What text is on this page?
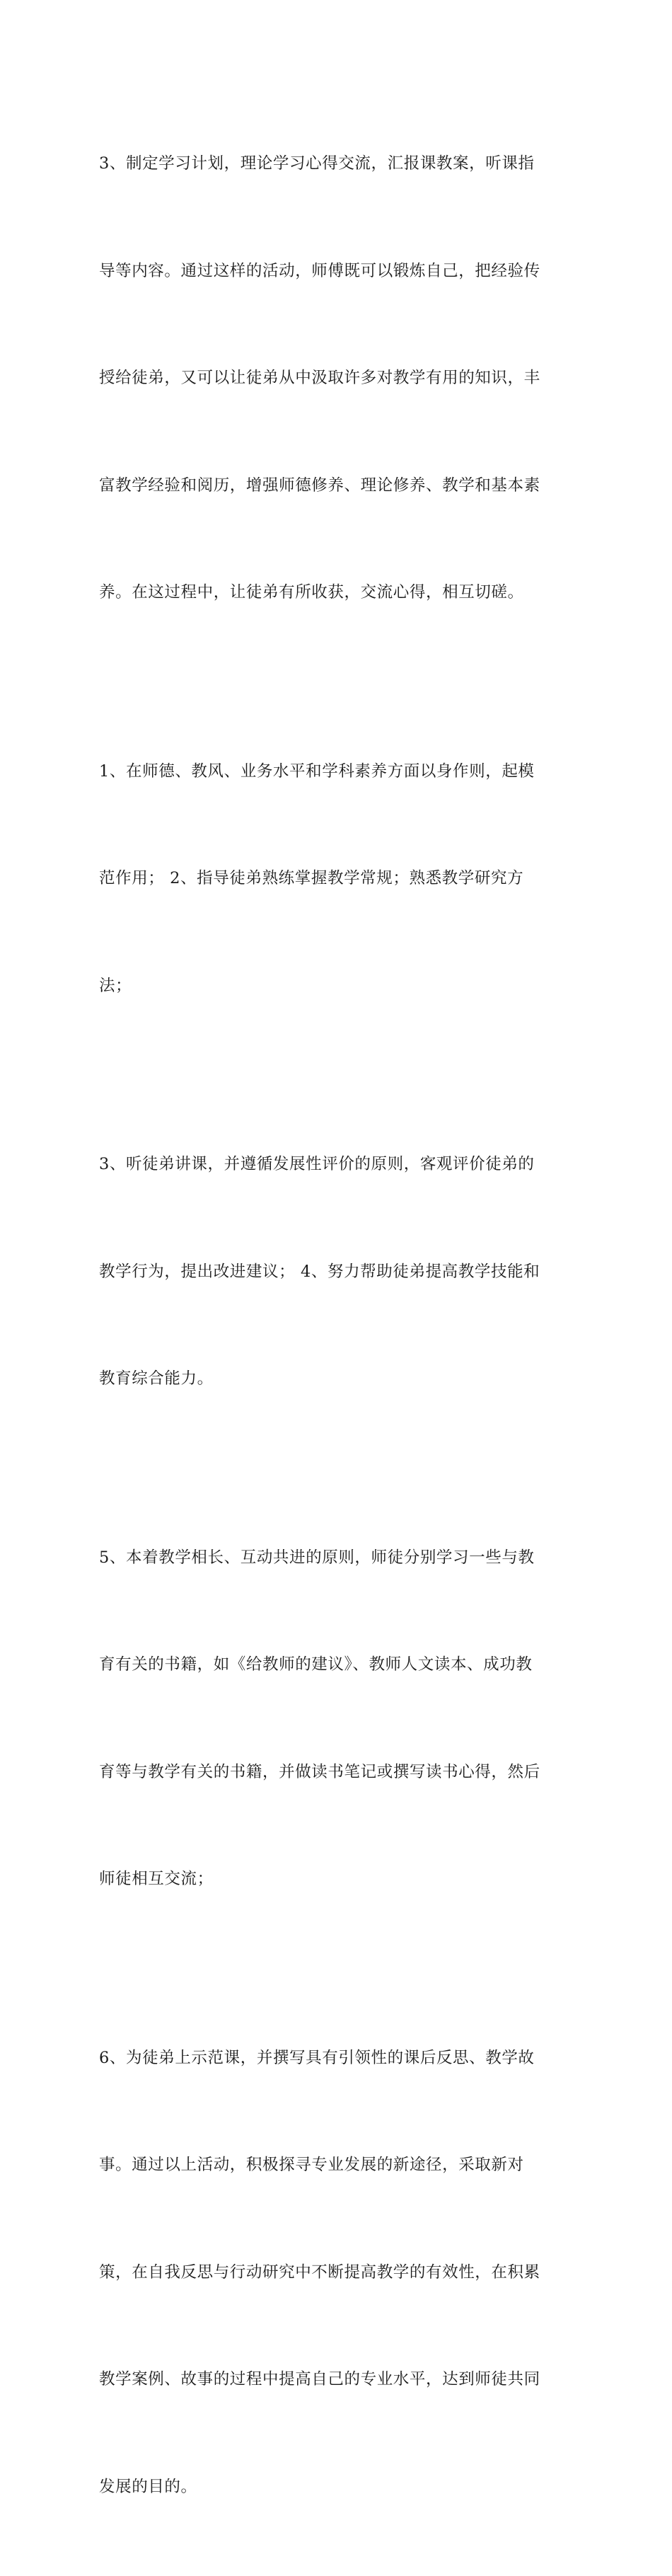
3、制定学习计划，理论学习心得交流，汇报课教案，听课指

导等内容。通过这样的活动，师傅既可以锻炼自己，把经验传

授给徒弟，又可以让徒弟从中汲取许多对教学有用的知识，丰

富教学经验和阅历，增强师德修养、理论修养、教学和基本素

养。在这过程中，让徒弟有所收获，交流心得，相互切磋。

1、在师德、教风、业务水平和学科素养方面以身作则，起模

范作用； 2、指导徒弟熟练掌握教学常规；熟悉教学研究方

法；

3、听徒弟讲课，并遵循发展性评价的原则，客观评价徒弟的

教学行为，提出改进建议； 4、努力帮助徒弟提高教学技能和

教育综合能力。

5、本着教学相长、互动共进的原则，师徒分别学习一些与教

育有关的书籍，如《给教师的建议》、教师人文读本、成功教

育等与教学有关的书籍，并做读书笔记或撰写读书心得，然后

师徒相互交流；

6、为徒弟上示范课，并撰写具有引领性的课后反思、教学故

事。通过以上活动，积极探寻专业发展的新途径，采取新对

策，在自我反思与行动研究中不断提高教学的有效性，在积累

教学案例、故事的过程中提高自己的专业水平，达到师徒共同

发展的目的。
